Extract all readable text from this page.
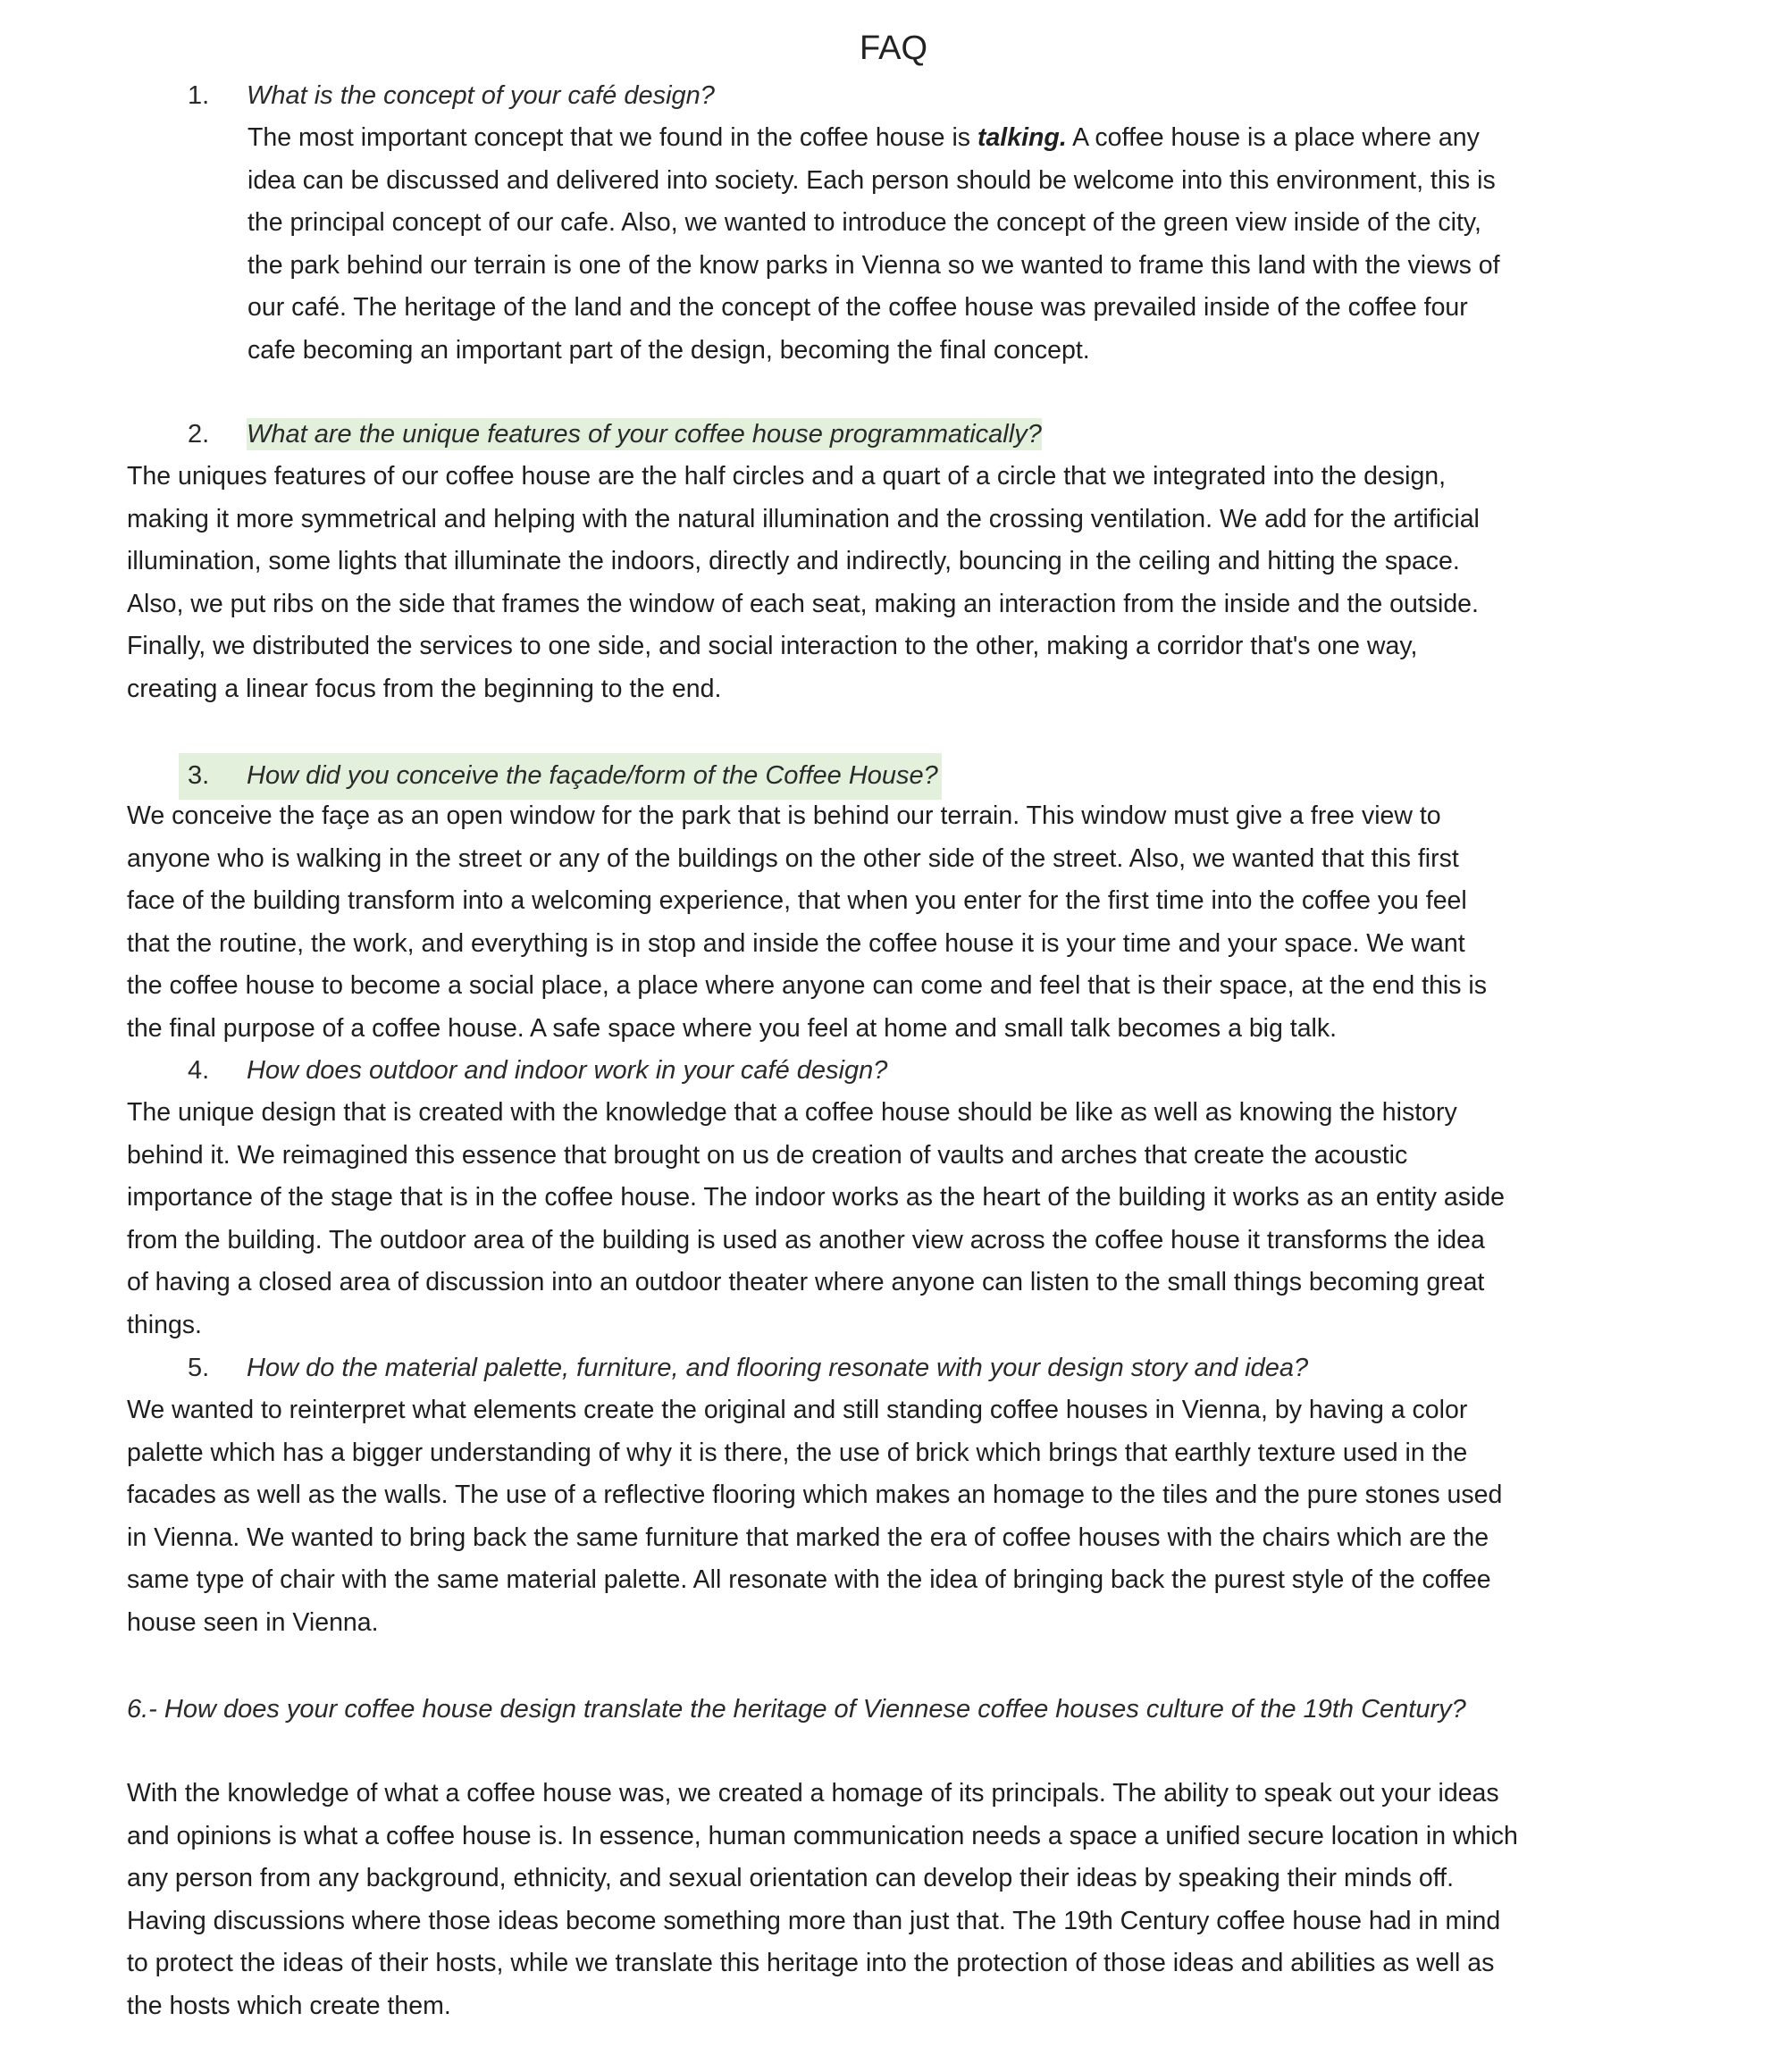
FAQ
1. What is the concept of your café design?
The most important concept that we found in the coffee house is talking. A coffee house is a place where any
idea can be discussed and delivered into society. Each person should be welcome into this environment, this is
the principal concept of our cafe. Also, we wanted to introduce the concept of the green view inside of the city,
the park behind our terrain is one of the know parks in Vienna so we wanted to frame this land with the views of
our café. The heritage of the land and the concept of the coffee house was prevailed inside of the coffee four
cafe becoming an important part of the design, becoming the final concept.
2. What are the unique features of your coffee house programmatically?
The uniques features of our coffee house are the half circles and a quart of a circle that we integrated into the design,
making it more symmetrical and helping with the natural illumination and the crossing ventilation. We add for the artificial
illumination, some lights that illuminate the indoors, directly and indirectly, bouncing in the ceiling and hitting the space.
Also, we put ribs on the side that frames the window of each seat, making an interaction from the inside and the outside.
Finally, we distributed the services to one side, and social interaction to the other, making a corridor that's one way,
creating a linear focus from the beginning to the end.
3. How did you conceive the façade/form of the Coffee House?
We conceive the façe as an open window for the park that is behind our terrain. This window must give a free view to
anyone who is walking in the street or any of the buildings on the other side of the street. Also, we wanted that this first
face of the building transform into a welcoming experience, that when you enter for the first time into the coffee you feel
that the routine, the work, and everything is in stop and inside the coffee house it is your time and your space. We want
the coffee house to become a social place, a place where anyone can come and feel that is their space, at the end this is
the final purpose of a coffee house. A safe space where you feel at home and small talk becomes a big talk.
4. How does outdoor and indoor work in your café design?
The unique design that is created with the knowledge that a coffee house should be like as well as knowing the history
behind it. We reimagined this essence that brought on us de creation of vaults and arches that create the acoustic
importance of the stage that is in the coffee house. The indoor works as the heart of the building it works as an entity aside
from the building. The outdoor area of the building is used as another view across the coffee house it transforms the idea
of having a closed area of discussion into an outdoor theater where anyone can listen to the small things becoming great
things.
5. How do the material palette, furniture, and flooring resonate with your design story and idea?
We wanted to reinterpret what elements create the original and still standing coffee houses in Vienna, by having a color
palette which has a bigger understanding of why it is there, the use of brick which brings that earthly texture used in the
facades as well as the walls. The use of a reflective flooring which makes an homage to the tiles and the pure stones used
in Vienna. We wanted to bring back the same furniture that marked the era of coffee houses with the chairs which are the
same type of chair with the same material palette. All resonate with the idea of bringing back the purest style of the coffee
house seen in Vienna.
6.- How does your coffee house design translate the heritage of Viennese coffee houses culture of the 19th Century?
With the knowledge of what a coffee house was, we created a homage of its principals. The ability to speak out your ideas
and opinions is what a coffee house is. In essence, human communication needs a space a unified secure location in which
any person from any background, ethnicity, and sexual orientation can develop their ideas by speaking their minds off.
Having discussions where those ideas become something more than just that. The 19th Century coffee house had in mind
to protect the ideas of their hosts, while we translate this heritage into the protection of those ideas and abilities as well as
the hosts which create them.
